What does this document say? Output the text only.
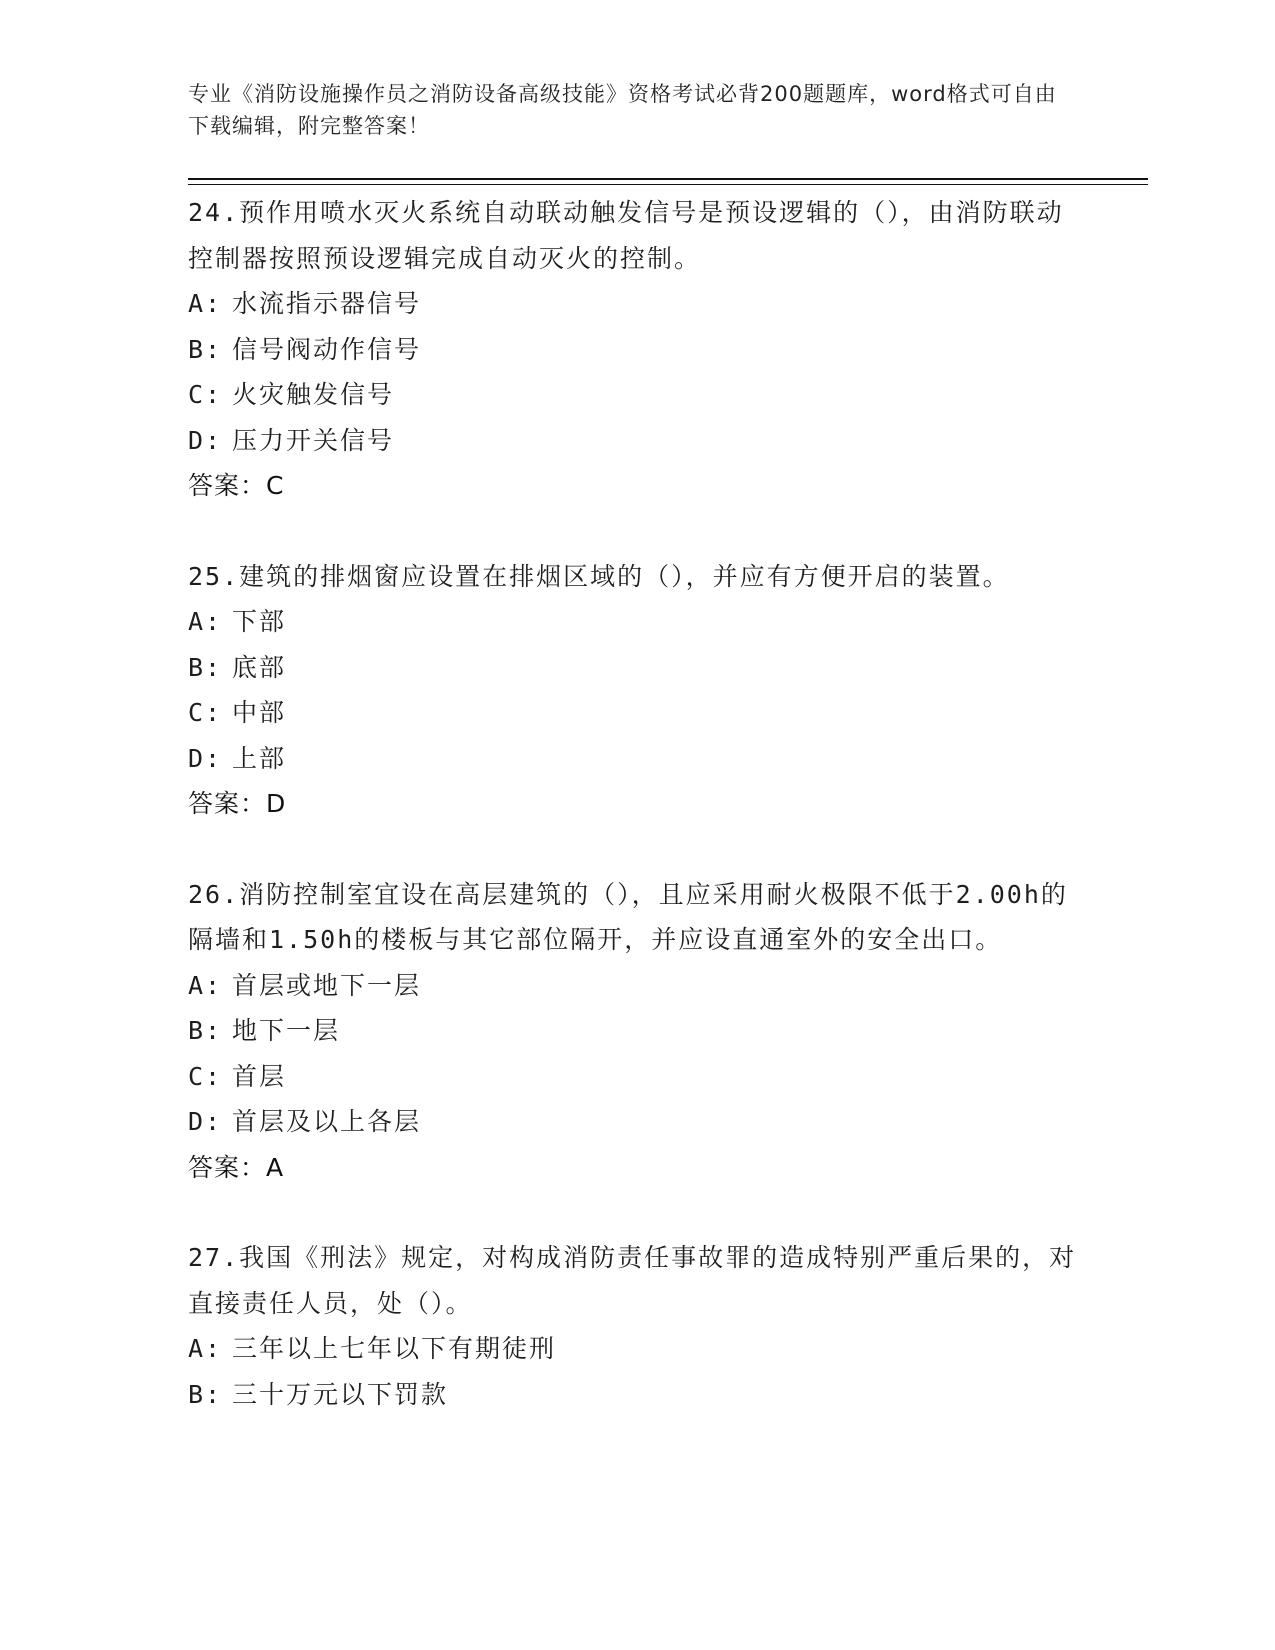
专业《消防设施操作员之消防设备高级技能》资格考试必背200题题库，word格式可自由下载编辑，附完整答案！

24.预作用喷水灭火系统自动联动触发信号是预设逻辑的（），由消防联动控制器按照预设逻辑完成自动灭火的控制。

A: 水流指示器信号
B: 信号阀动作信号
C: 火灾触发信号
D: 压力开关信号
答案：C

25.建筑的排烟窗应设置在排烟区域的（），并应有方便开启的装置。

A: 下部
B: 底部
C: 中部
D: 上部
答案：D

26.消防控制室宜设在高层建筑的（），且应采用耐火极限不低于2.00h的隔墙和1.50h的楼板与其它部位隔开，并应设直通室外的安全出口。

A: 首层或地下一层
B: 地下一层
C: 首层
D: 首层及以上各层
答案：A

27.我国《刑法》规定，对构成消防责任事故罪的造成特别严重后果的，对直接责任人员，处（）。

A: 三年以上七年以下有期徒刑
B: 三十万元以下罚款
